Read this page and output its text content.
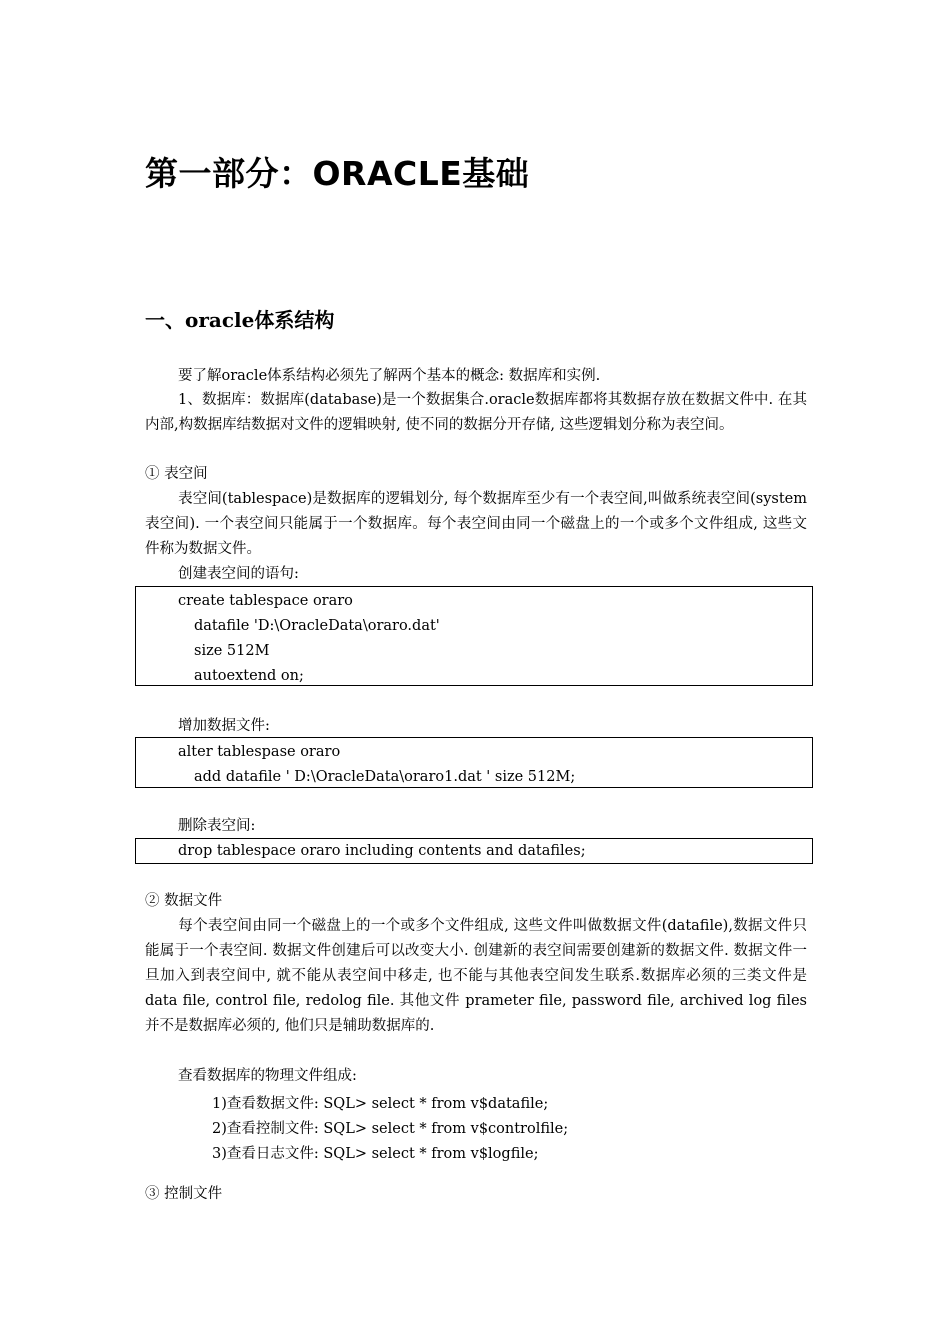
第一部分：ORACLE基础
一、oracle体系结构
要了解oracle体系结构必须先了解两个基本的概念: 数据库和实例.
1、数据库：数据库(database)是一个数据集合.oracle数据库都将其数据存放在数据文件中. 在其内部,构数据库结数据对文件的逻辑映射, 使不同的数据分开存储, 这些逻辑划分称为表空间。
① 表空间
表空间(tablespace)是数据库的逻辑划分, 每个数据库至少有一个表空间,叫做系统表空间(system 表空间). 一个表空间只能属于一个数据库。每个表空间由同一个磁盘上的一个或多个文件组成, 这些文件称为数据文件。
创建表空间的语句:
create tablespace oraro
datafile 'D:\OracleData\oraro.dat'
size 512M
autoextend on;
增加数据文件:
alter tablespase oraro
add datafile ' D:\OracleData\oraro1.dat ' size 512M;
删除表空间:
drop tablespace oraro including contents and datafiles;
② 数据文件
每个表空间由同一个磁盘上的一个或多个文件组成, 这些文件叫做数据文件(datafile),数据文件只能属于一个表空间. 数据文件创建后可以改变大小. 创建新的表空间需要创建新的数据文件. 数据文件一旦加入到表空间中, 就不能从表空间中移走, 也不能与其他表空间发生联系.数据库必须的三类文件是 data file, control file, redolog file. 其他文件 prameter file, password file, archived log files并不是数据库必须的, 他们只是辅助数据库的.
查看数据库的物理文件组成:
1)查看数据文件: SQL> select * from v$datafile;
2)查看控制文件: SQL> select * from v$controlfile;
3)查看日志文件: SQL> select * from v$logfile;
③ 控制文件
